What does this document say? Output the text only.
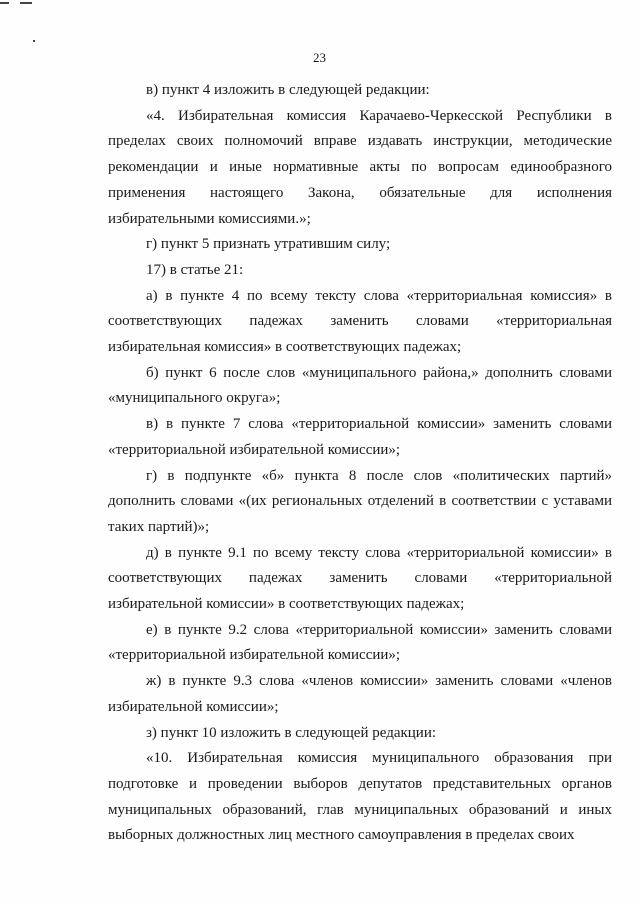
23

в) пункт 4 изложить в следующей редакции:

«4. Избирательная комиссия Карачаево-Черкесской Республики в пределах своих полномочий вправе издавать инструкции, методические рекомендации и иные нормативные акты по вопросам единообразного применения настоящего Закона, обязательные для исполнения избирательными комиссиями.»;

г) пункт 5 признать утратившим силу;

17) в статье 21:

а) в пункте 4 по всему тексту слова «территориальная комиссия» в соответствующих падежах заменить словами «территориальная избирательная комиссия» в соответствующих падежах;

б) пункт 6 после слов «муниципального района,» дополнить словами «муниципального округа»;

в) в пункте 7 слова «территориальной комиссии» заменить словами «территориальной избирательной комиссии»;

г) в подпункте «б» пункта 8 после слов «политических партий» дополнить словами «(их региональных отделений в соответствии с уставами таких партий)»;

д) в пункте 9.1 по всему тексту слова «территориальной комиссии» в соответствующих падежах заменить словами «территориальной избирательной комиссии» в соответствующих падежах;

е) в пункте 9.2 слова «территориальной комиссии» заменить словами «территориальной избирательной комиссии»;

ж) в пункте 9.3 слова «членов комиссии» заменить словами «членов избирательной комиссии»;

з) пункт 10 изложить в следующей редакции:

«10. Избирательная комиссия муниципального образования при подготовке и проведении выборов депутатов представительных органов муниципальных образований, глав муниципальных образований и иных выборных должностных лиц местного самоуправления в пределах своих
